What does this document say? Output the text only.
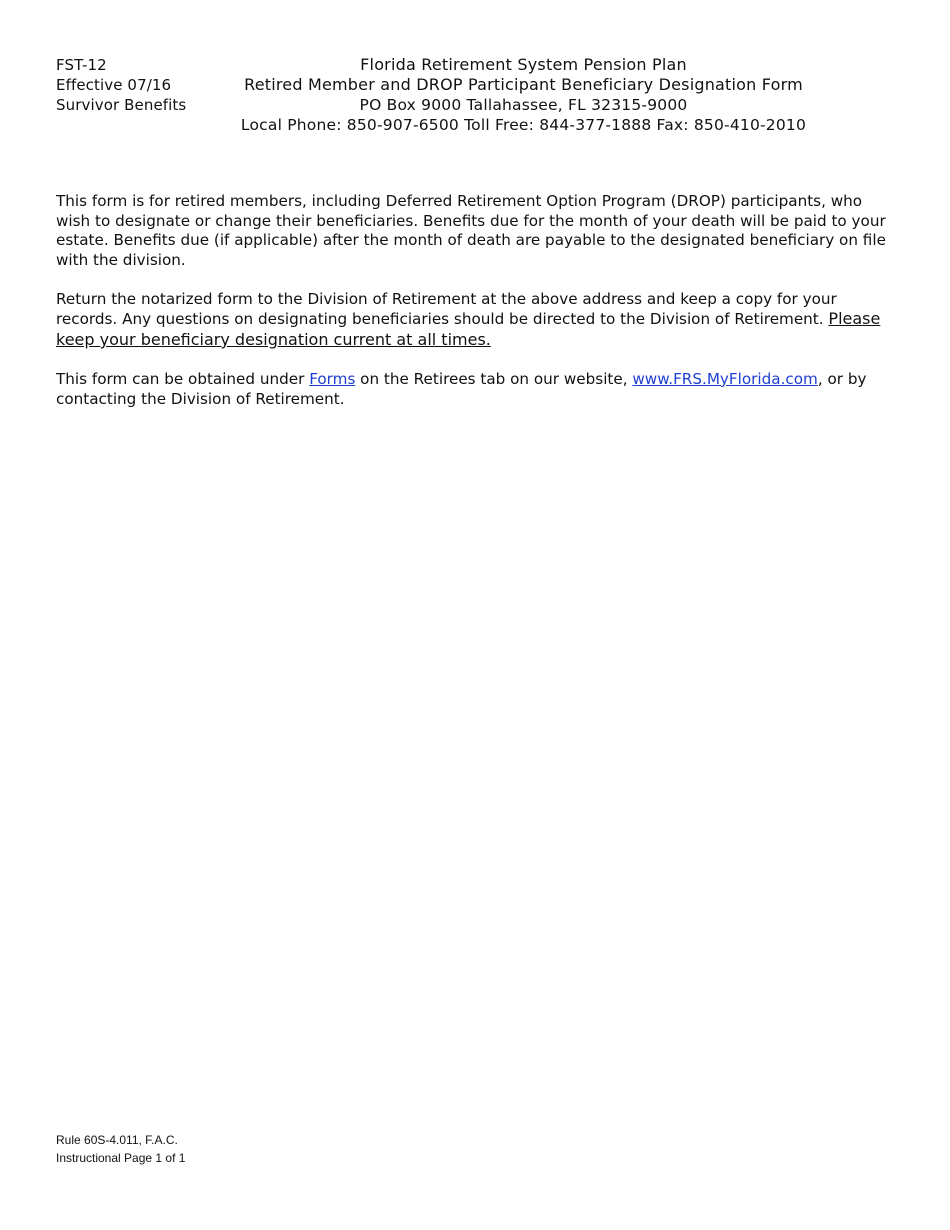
FST-12
Effective 07/16
Survivor Benefits
Florida Retirement System Pension Plan
Retired Member and DROP Participant Beneficiary Designation Form
PO Box 9000 Tallahassee, FL 32315-9000
Local Phone: 850-907-6500 Toll Free: 844-377-1888 Fax: 850-410-2010

This form is for retired members, including Deferred Retirement Option Program (DROP) participants, who wish to designate or change their beneficiaries. Benefits due for the month of your death will be paid to your estate. Benefits due (if applicable) after the month of death are payable to the designated beneficiary on file with the division.

Return the notarized form to the Division of Retirement at the above address and keep a copy for your records. Any questions on designating beneficiaries should be directed to the Division of Retirement. Please keep your beneficiary designation current at all times.

This form can be obtained under Forms on the Retirees tab on our website, www.FRS.MyFlorida.com, or by contacting the Division of Retirement.

Rule 60S-4.011, F.A.C.
Instructional Page 1 of 1
